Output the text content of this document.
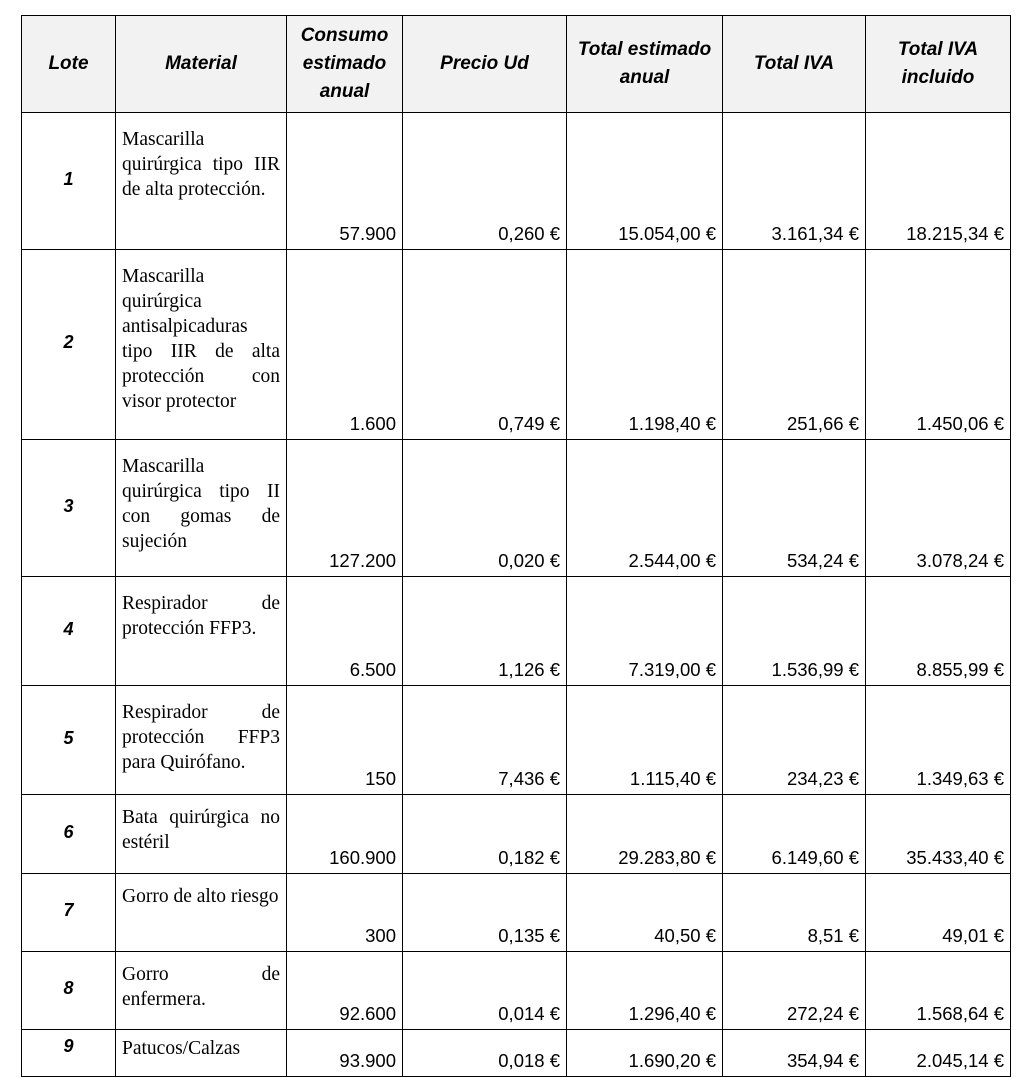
Lote	Material	Consumo estimado anual	Precio Ud	Total estimado anual	Total IVA	Total IVA incluido
1	Mascarilla quirúrgica tipo IIR de alta protección.	57.900	0,260 €	15.054,00 €	3.161,34 €	18.215,34 €
2	Mascarilla quirúrgica antisalpicaduras tipo IIR de alta protección con visor protector	1.600	0,749 €	1.198,40 €	251,66 €	1.450,06 €
3	Mascarilla quirúrgica tipo II con gomas de sujeción	127.200	0,020 €	2.544,00 €	534,24 €	3.078,24 €
4	Respirador de protección FFP3.	6.500	1,126 €	7.319,00 €	1.536,99 €	8.855,99 €
5	Respirador de protección FFP3 para Quirófano.	150	7,436 €	1.115,40 €	234,23 €	1.349,63 €
6	Bata quirúrgica no estéril	160.900	0,182 €	29.283,80 €	6.149,60 €	35.433,40 €
7	Gorro de alto riesgo	300	0,135 €	40,50 €	8,51 €	49,01 €
8	Gorro de enfermera.	92.600	0,014 €	1.296,40 €	272,24 €	1.568,64 €
9	Patucos/Calzas	93.900	0,018 €	1.690,20 €	354,94 €	2.045,14 €
